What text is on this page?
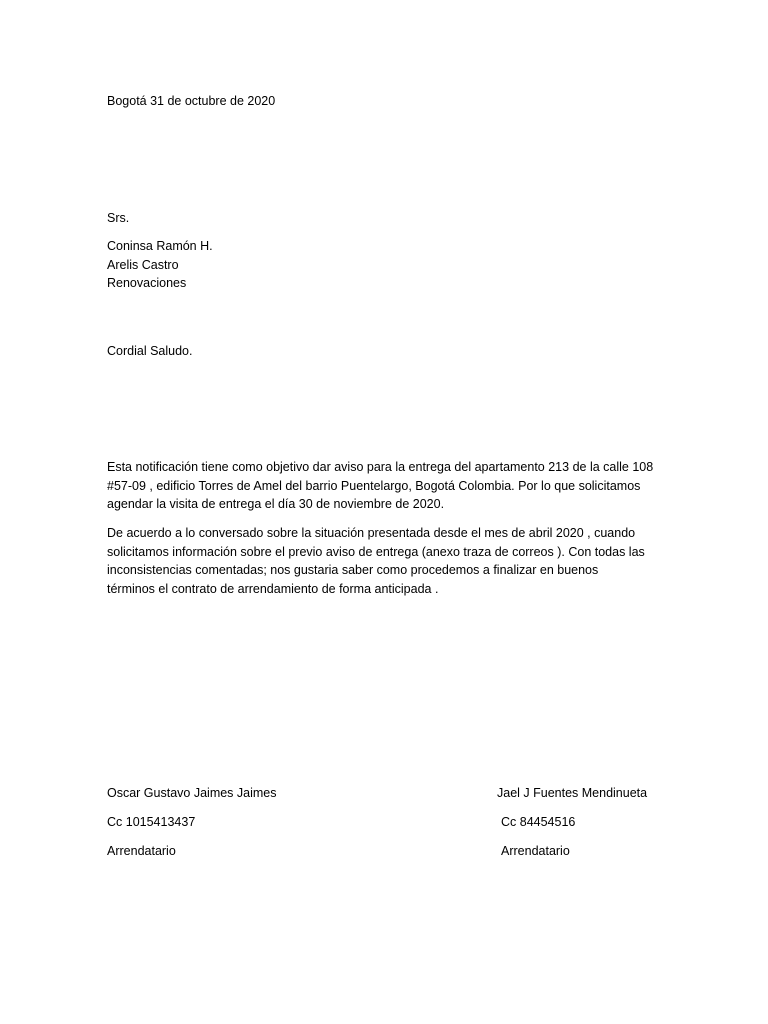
Bogotá 31 de octubre de 2020
Srs.
Coninsa Ramón H.
Arelis Castro
Renovaciones
Cordial Saludo.
Esta notificación tiene como objetivo dar aviso para la entrega del apartamento 213 de la calle 108
#57-09 , edificio Torres de Amel del barrio Puentelargo, Bogotá Colombia. Por lo que solicitamos
agendar la visita de entrega el día 30 de noviembre de 2020.
De acuerdo a lo conversado sobre la situación presentada desde el mes de abril 2020 , cuando
solicitamos información sobre el previo aviso de entrega (anexo traza de correos ). Con todas las
inconsistencias comentadas; nos gustaria saber como procedemos a finalizar en buenos
términos el contrato de arrendamiento de forma anticipada .
Oscar Gustavo Jaimes Jaimes
Cc 1015413437
Arrendatario
Jael J Fuentes Mendinueta
Cc 84454516
Arrendatario
